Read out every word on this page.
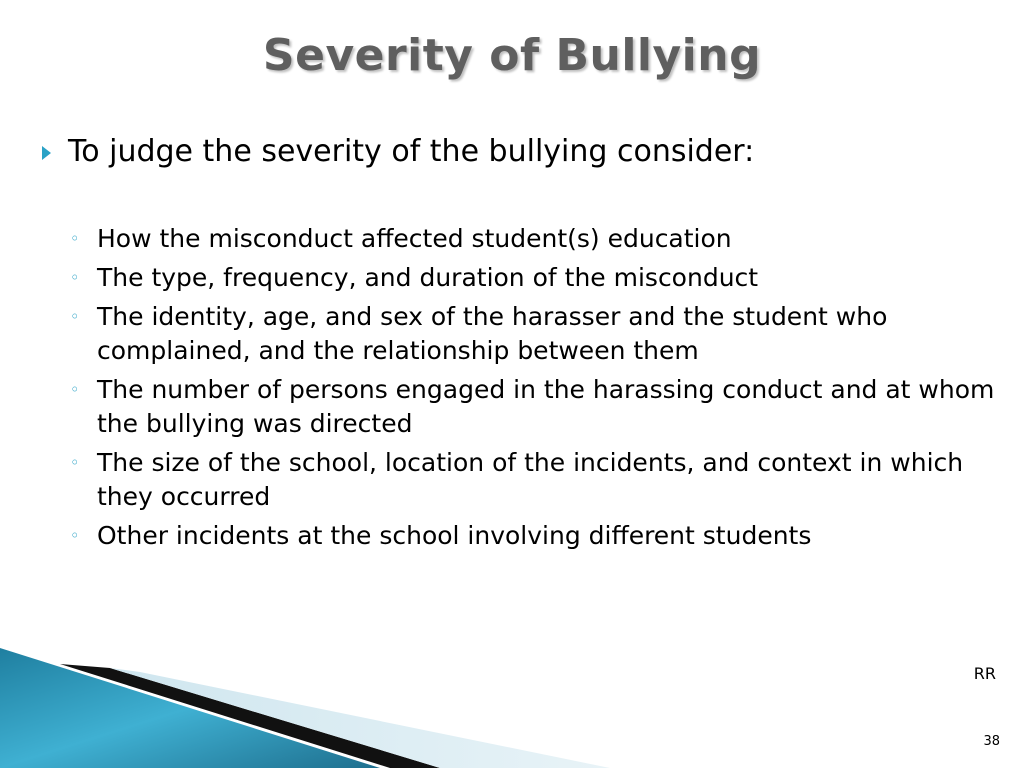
Severity of Bullying
To judge the severity of the bullying consider:
◦ How the misconduct affected student(s) education
◦ The type, frequency, and duration of the misconduct
◦ The identity, age, and sex of the harasser and the student who complained, and the relationship between them
◦ The number of persons engaged in the harassing conduct and at whom the bullying was directed
◦ The size of the school, location of the incidents, and context in which they occurred
◦ Other incidents at the school involving different students
RR
38
